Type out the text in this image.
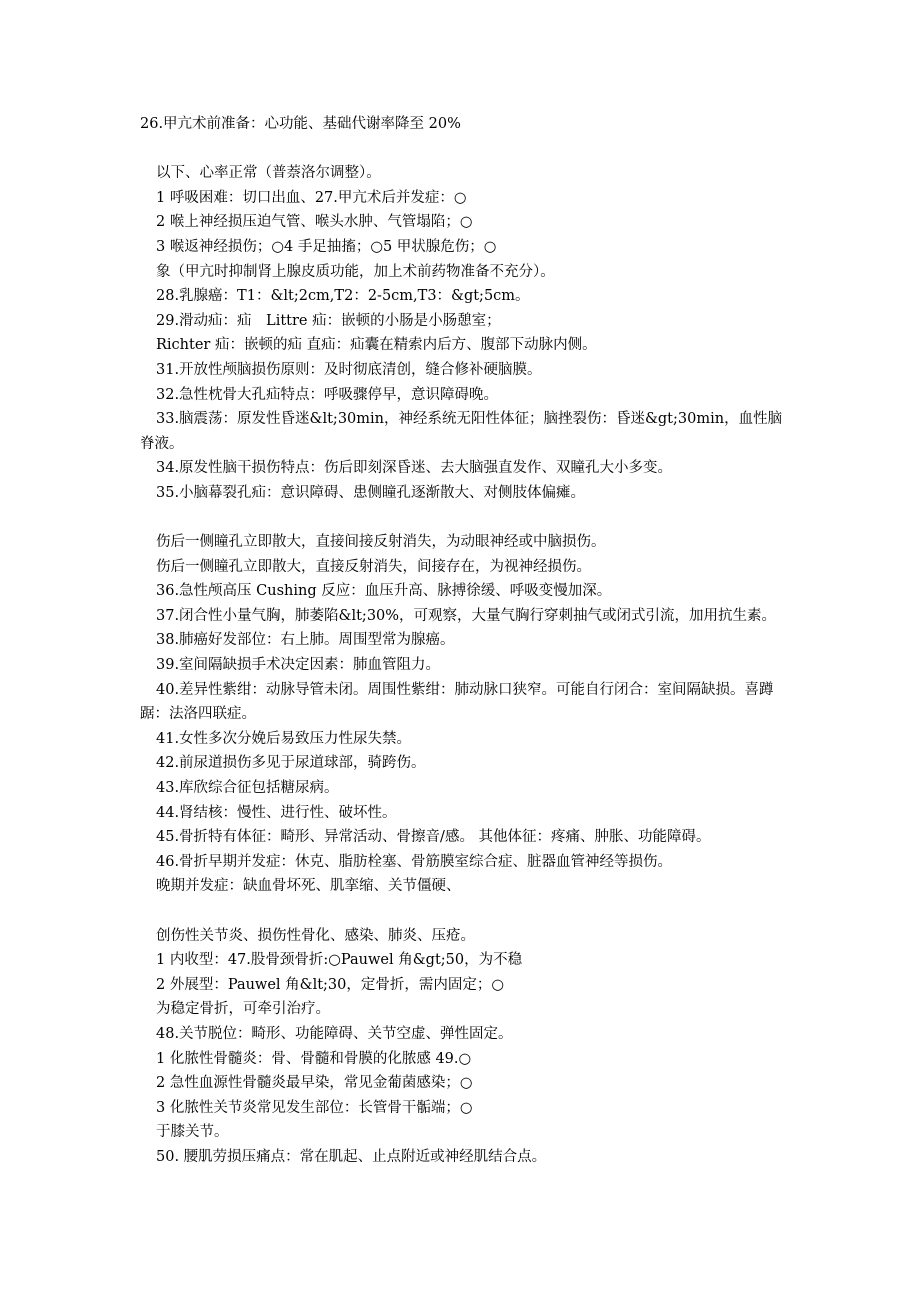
26.甲亢术前准备：心功能、基础代谢率降至 20%
以下、心率正常（普萘洛尔调整）。
1 呼吸困难：切口出血、27.甲亢术后并发症：○
2 喉上神经损压迫气管、喉头水肿、气管塌陷；○
3 喉返神经损伤；○4 手足抽搐；○5 甲状腺危伤；○
象（甲亢时抑制肾上腺皮质功能，加上术前药物准备不充分）。
28.乳腺癌：T1：&lt;2cm,T2：2-5cm,T3：&gt;5cm。
29.滑动疝：疝　Littre 疝：嵌顿的小肠是小肠憩室；
Richter 疝：嵌顿的疝 直疝：疝囊在精索内后方、腹部下动脉内侧。
31.开放性颅脑损伤原则：及时彻底清创，缝合修补硬脑膜。
32.急性枕骨大孔疝特点：呼吸骤停早，意识障碍晚。
33.脑震荡：原发性昏迷&lt;30min，神经系统无阳性体征；脑挫裂伤：昏迷&gt;30min，血性脑脊液。
34.原发性脑干损伤特点：伤后即刻深昏迷、去大脑强直发作、双瞳孔大小多变。
35.小脑幕裂孔疝：意识障碍、患侧瞳孔逐渐散大、对侧肢体偏瘫。
伤后一侧瞳孔立即散大，直接间接反射消失，为动眼神经或中脑损伤。
伤后一侧瞳孔立即散大，直接反射消失，间接存在，为视神经损伤。
36.急性颅高压 Cushing 反应：血压升高、脉搏徐缓、呼吸变慢加深。
37.闭合性小量气胸，肺萎陷&lt;30%，可观察，大量气胸行穿刺抽气或闭式引流，加用抗生素。
38.肺癌好发部位：右上肺。周围型常为腺癌。
39.室间隔缺损手术决定因素：肺血管阻力。
40.差异性紫绀：动脉导管未闭。周围性紫绀：肺动脉口狭窄。可能自行闭合：室间隔缺损。喜蹲踞：法洛四联症。
41.女性多次分娩后易致压力性尿失禁。
42.前尿道损伤多见于尿道球部，骑跨伤。
43.库欣综合征包括糖尿病。
44.肾结核：慢性、进行性、破坏性。
45.骨折特有体征：畸形、异常活动、骨擦音/感。 其他体征：疼痛、肿胀、功能障碍。
46.骨折早期并发症：休克、脂肪栓塞、骨筋膜室综合症、脏器血管神经等损伤。
晚期并发症：缺血骨坏死、肌挛缩、关节僵硬、
创伤性关节炎、损伤性骨化、感染、肺炎、压疮。
1 内收型：47.股骨颈骨折:○Pauwel 角&gt;50，为不稳
2 外展型：Pauwel 角&lt;30，定骨折，需内固定；○
为稳定骨折，可牵引治疗。
48.关节脱位：畸形、功能障碍、关节空虚、弹性固定。
1 化脓性骨髓炎：骨、骨髓和骨膜的化脓感 49.○
2 急性血源性骨髓炎最早染，常见金葡菌感染；○
3 化脓性关节炎常见发生部位：长管骨干骺端；○
于膝关节。
50. 腰肌劳损压痛点：常在肌起、止点附近或神经肌结合点。
